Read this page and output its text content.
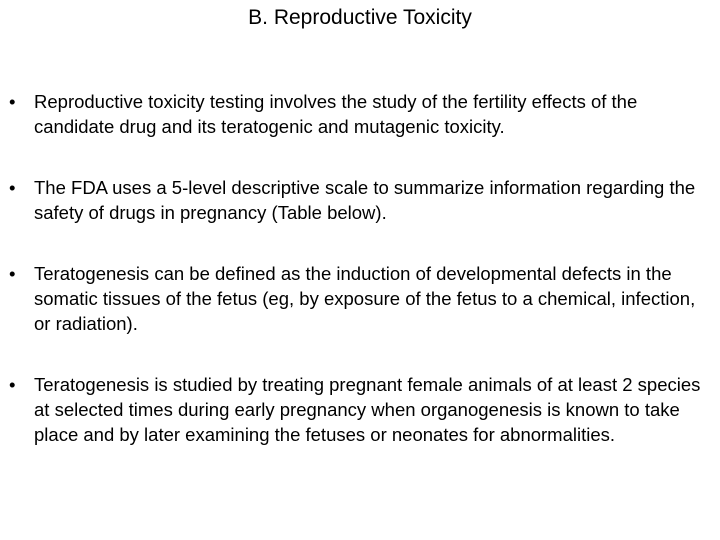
B. Reproductive Toxicity
•	Reproductive toxicity testing involves the study of the fertility effects of the candidate drug and its teratogenic and mutagenic toxicity.
•	The FDA uses a 5-level descriptive scale to summarize information regarding the safety of drugs in pregnancy (Table below).
•	Teratogenesis can be defined as the induction of developmental defects in the somatic tissues of the fetus (eg, by exposure of the fetus to a chemical, infection, or radiation).
•	Teratogenesis is studied by treating pregnant female animals of at least 2 species at selected times during early pregnancy when organogenesis is known to take place and by later examining the fetuses or neonates for abnormalities.
